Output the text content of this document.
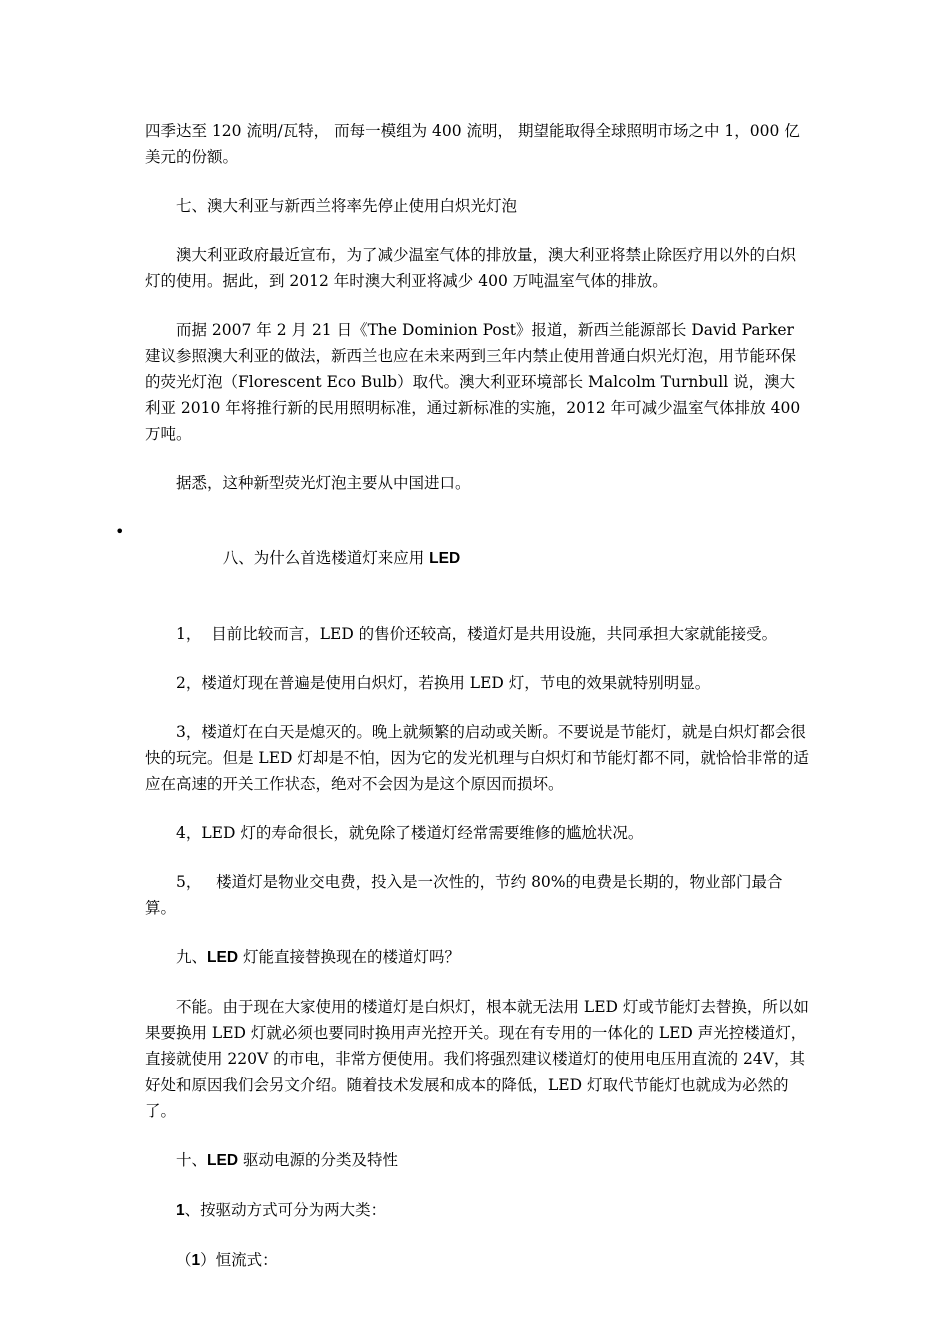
四季达至 120 流明/瓦特， 而每一模组为 400 流明， 期望能取得全球照明市场之中 1，000 亿美元的份额。

七、澳大利亚与新西兰将率先停止使用白炽光灯泡

澳大利亚政府最近宣布，为了减少温室气体的排放量，澳大利亚将禁止除医疗用以外的白炽灯的使用。据此，到 2012 年时澳大利亚将减少 400 万吨温室气体的排放。

而据 2007 年 2 月 21 日《The Dominion Post》报道，新西兰能源部长 David Parker 建议参照澳大利亚的做法，新西兰也应在未来两到三年内禁止使用普通白炽光灯泡，用节能环保的荧光灯泡（Florescent Eco Bulb）取代。澳大利亚环境部长 Malcolm Turnbull 说，澳大利亚 2010 年将推行新的民用照明标准，通过新标准的实施，2012 年可减少温室气体排放 400 万吨。

据悉，这种新型荧光灯泡主要从中国进口。

•
八、为什么首选楼道灯来应用 LED

1，  目前比较而言，LED 的售价还较高，楼道灯是共用设施，共同承担大家就能接受。

2，楼道灯现在普遍是使用白炽灯，若换用 LED 灯，节电的效果就特别明显。

3，楼道灯在白天是熄灭的。晚上就频繁的启动或关断。不要说是节能灯，就是白炽灯都会很快的玩完。但是 LED 灯却是不怕，因为它的发光机理与白炽灯和节能灯都不同，就恰恰非常的适应在高速的开关工作状态，绝对不会因为是这个原因而损坏。

4，LED 灯的寿命很长，就免除了楼道灯经常需要维修的尴尬状况。

5，   楼道灯是物业交电费，投入是一次性的，节约 80%的电费是长期的，物业部门最合算。

九、LED 灯能直接替换现在的楼道灯吗？

不能。由于现在大家使用的楼道灯是白炽灯，根本就无法用 LED 灯或节能灯去替换，所以如果要换用 LED 灯就必须也要同时换用声光控开关。现在有专用的一体化的 LED 声光控楼道灯，直接就使用 220V 的市电，非常方便使用。我们将强烈建议楼道灯的使用电压用直流的 24V，其好处和原因我们会另文介绍。随着技术发展和成本的降低，LED 灯取代节能灯也就成为必然的了。

十、LED 驱动电源的分类及特性
1、按驱动方式可分为两大类：
（1）恒流式：
